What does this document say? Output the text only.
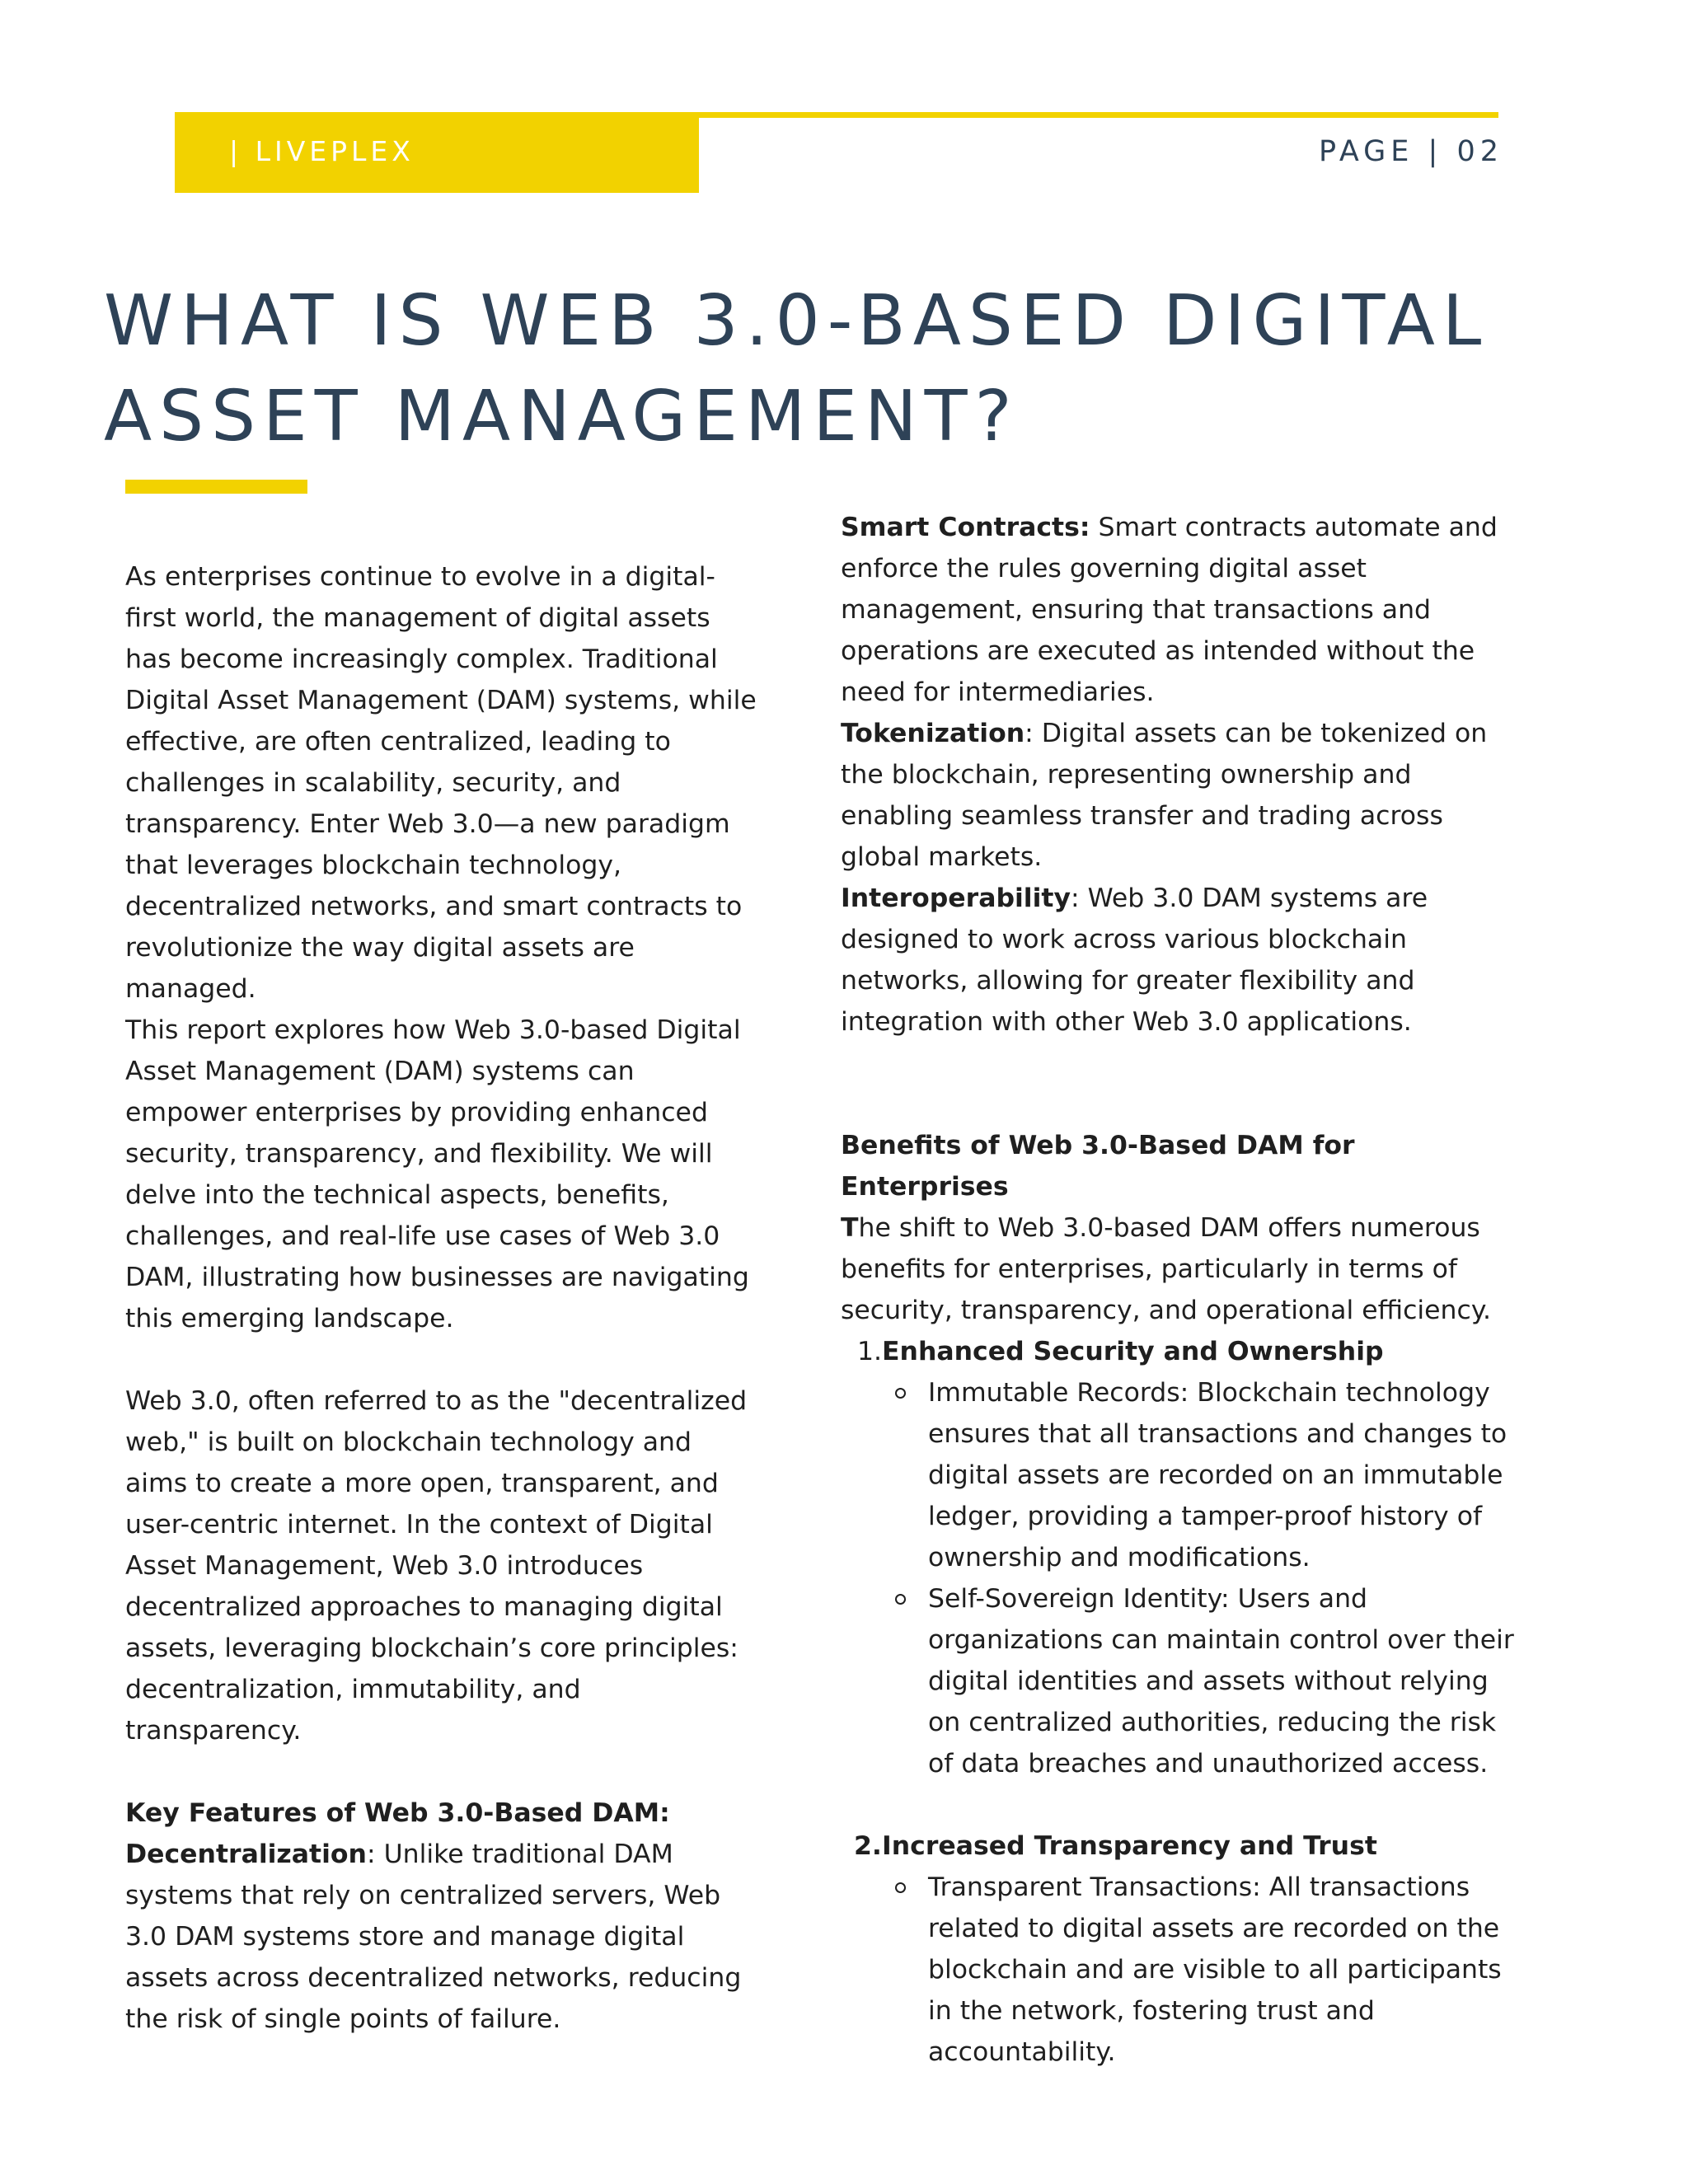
| LIVEPLEX	PAGE | 02
WHAT IS WEB 3.0-BASED DIGITAL
ASSET MANAGEMENT?

As enterprises continue to evolve in a digital-first world, the management of digital assets has become increasingly complex. Traditional Digital Asset Management (DAM) systems, while effective, are often centralized, leading to challenges in scalability, security, and transparency. Enter Web 3.0—a new paradigm that leverages blockchain technology, decentralized networks, and smart contracts to revolutionize the way digital assets are managed.

This report explores how Web 3.0-based Digital Asset Management (DAM) systems can empower enterprises by providing enhanced security, transparency, and flexibility. We will delve into the technical aspects, benefits, challenges, and real-life use cases of Web 3.0 DAM, illustrating how businesses are navigating this emerging landscape.

Web 3.0, often referred to as the "decentralized web," is built on blockchain technology and aims to create a more open, transparent, and user-centric internet. In the context of Digital Asset Management, Web 3.0 introduces decentralized approaches to managing digital assets, leveraging blockchain’s core principles: decentralization, immutability, and transparency.

Key Features of Web 3.0-Based DAM:

Decentralization: Unlike traditional DAM systems that rely on centralized servers, Web 3.0 DAM systems store and manage digital assets across decentralized networks, reducing the risk of single points of failure.

Smart Contracts: Smart contracts automate and enforce the rules governing digital asset management, ensuring that transactions and operations are executed as intended without the need for intermediaries.

Tokenization: Digital assets can be tokenized on the blockchain, representing ownership and enabling seamless transfer and trading across global markets.

Interoperability: Web 3.0 DAM systems are designed to work across various blockchain networks, allowing for greater flexibility and integration with other Web 3.0 applications.

Benefits of Web 3.0-Based DAM for Enterprises

The shift to Web 3.0-based DAM offers numerous benefits for enterprises, particularly in terms of security, transparency, and operational efficiency.

1. Enhanced Security and Ownership

Immutable Records: Blockchain technology ensures that all transactions and changes to digital assets are recorded on an immutable ledger, providing a tamper-proof history of ownership and modifications.

Self-Sovereign Identity: Users and organizations can maintain control over their digital identities and assets without relying on centralized authorities, reducing the risk of data breaches and unauthorized access.

2. Increased Transparency and Trust

Transparent Transactions: All transactions related to digital assets are recorded on the blockchain and are visible to all participants in the network, fostering trust and accountability.
